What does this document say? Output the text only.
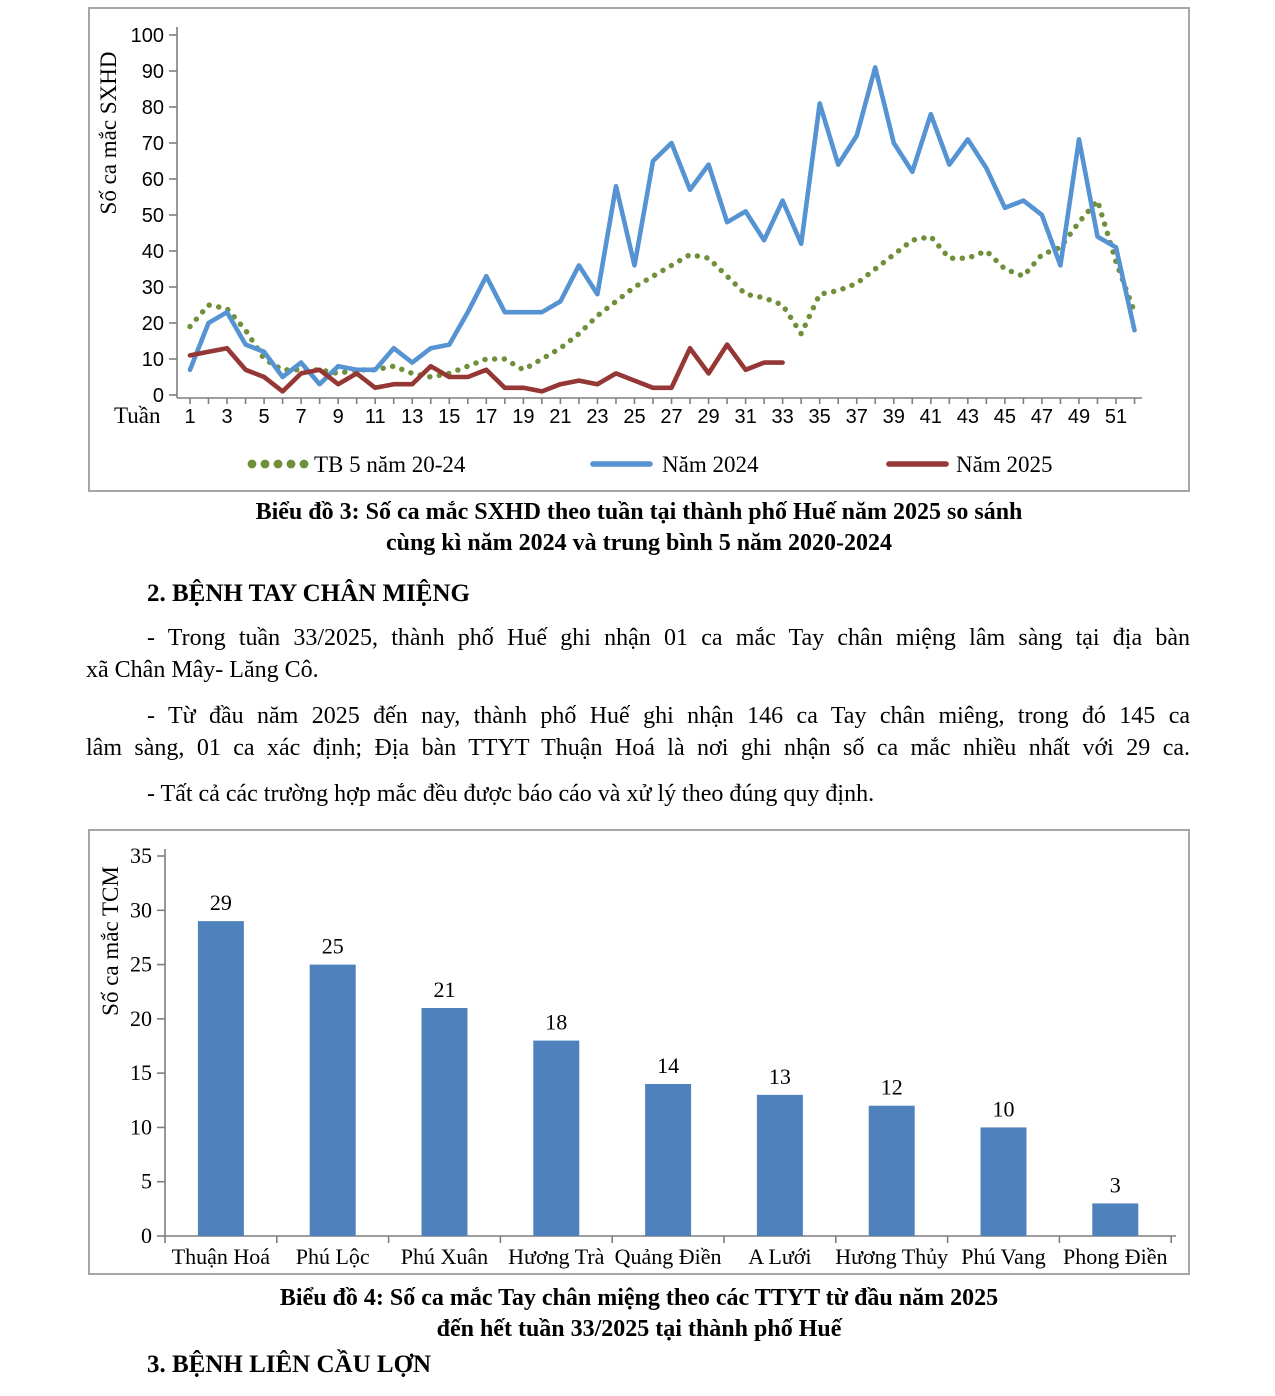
0
10
20
30
40
50
60
70
80
90
100
1 3 5 7 9 11 13 15 17 19 21 23 25 27 29 31 33 35 37 39 41 43 45 47 49 51
Tuần
Số ca mắc SXHD
TB 5 năm 20-24	Năm 2024	Năm 2025
Biểu đồ 3: Số ca mắc SXHD theo tuần tại thành phố Huế năm 2025 so sánh
cùng kì năm 2024 và trung bình 5 năm 2020-2024
2. BỆNH TAY CHÂN MIỆNG
- Trong tuần 33/2025, thành phố Huế ghi nhận 01 ca mắc Tay chân miệng lâm sàng tại địa bàn
xã Chân Mây- Lăng Cô.
- Từ đầu năm 2025 đến nay, thành phố Huế ghi nhận 146 ca Tay chân miêng, trong đó 145 ca
lâm sàng, 01 ca xác định; Địa bàn TTYT Thuận Hoá là nơi ghi nhận số ca mắc nhiều nhất với 29 ca.
- Tất cả các trường hợp mắc đều được báo cáo và xử lý theo đúng quy định.
0
5
10
15
20
25
30
35
29
25
21
18
14	13	12
10
3
Thuận Hoá Phú Lộc Phú Xuân Hương Trà Quảng Điền A Lưới Hương Thủy Phú Vang Phong Điền
Số ca mắc TCM
Biểu đồ 4: Số ca mắc Tay chân miệng theo các TTYT từ đầu năm 2025
đến hết tuần 33/2025 tại thành phố Huế
3. BỆNH LIÊN CẦU LỢN
